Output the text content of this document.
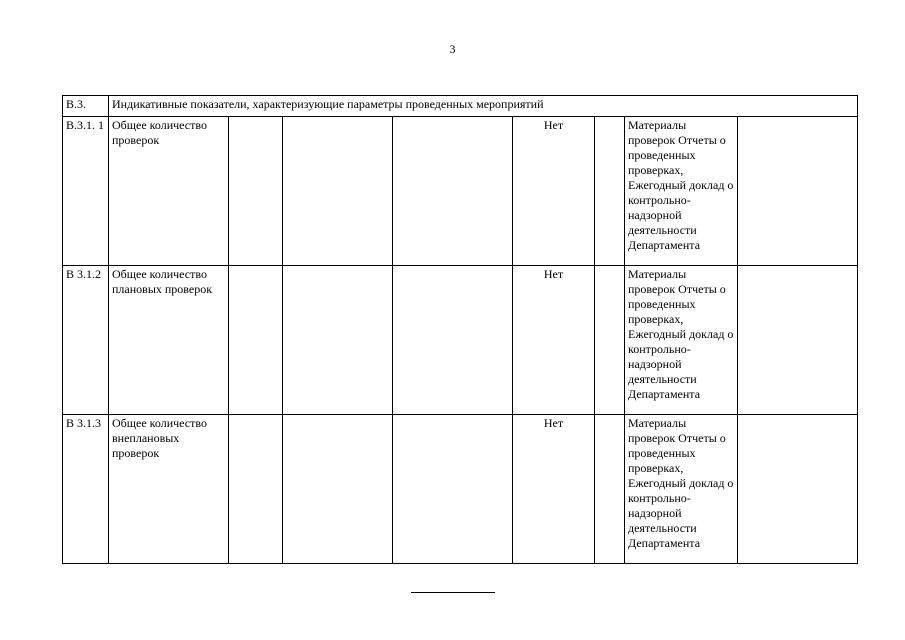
3
В.3.	Индикативные показатели, характеризующие параметры проведенных мероприятий							
В.3.1. 1	Общее количество проверок				Нет		Материалы проверок Отчеты о проведенных проверках, Ежегодный доклад о контрольно-надзорной деятельности Департамента	
В 3.1.2	Общее количество плановых проверок				Нет		Материалы проверок Отчеты о проведенных проверках, Ежегодный доклад о контрольно-надзорной деятельности Департамента	
В 3.1.3	Общее количество внеплановых проверок				Нет		Материалы проверок Отчеты о проведенных проверках, Ежегодный доклад о контрольно-надзорной деятельности Департамента	
